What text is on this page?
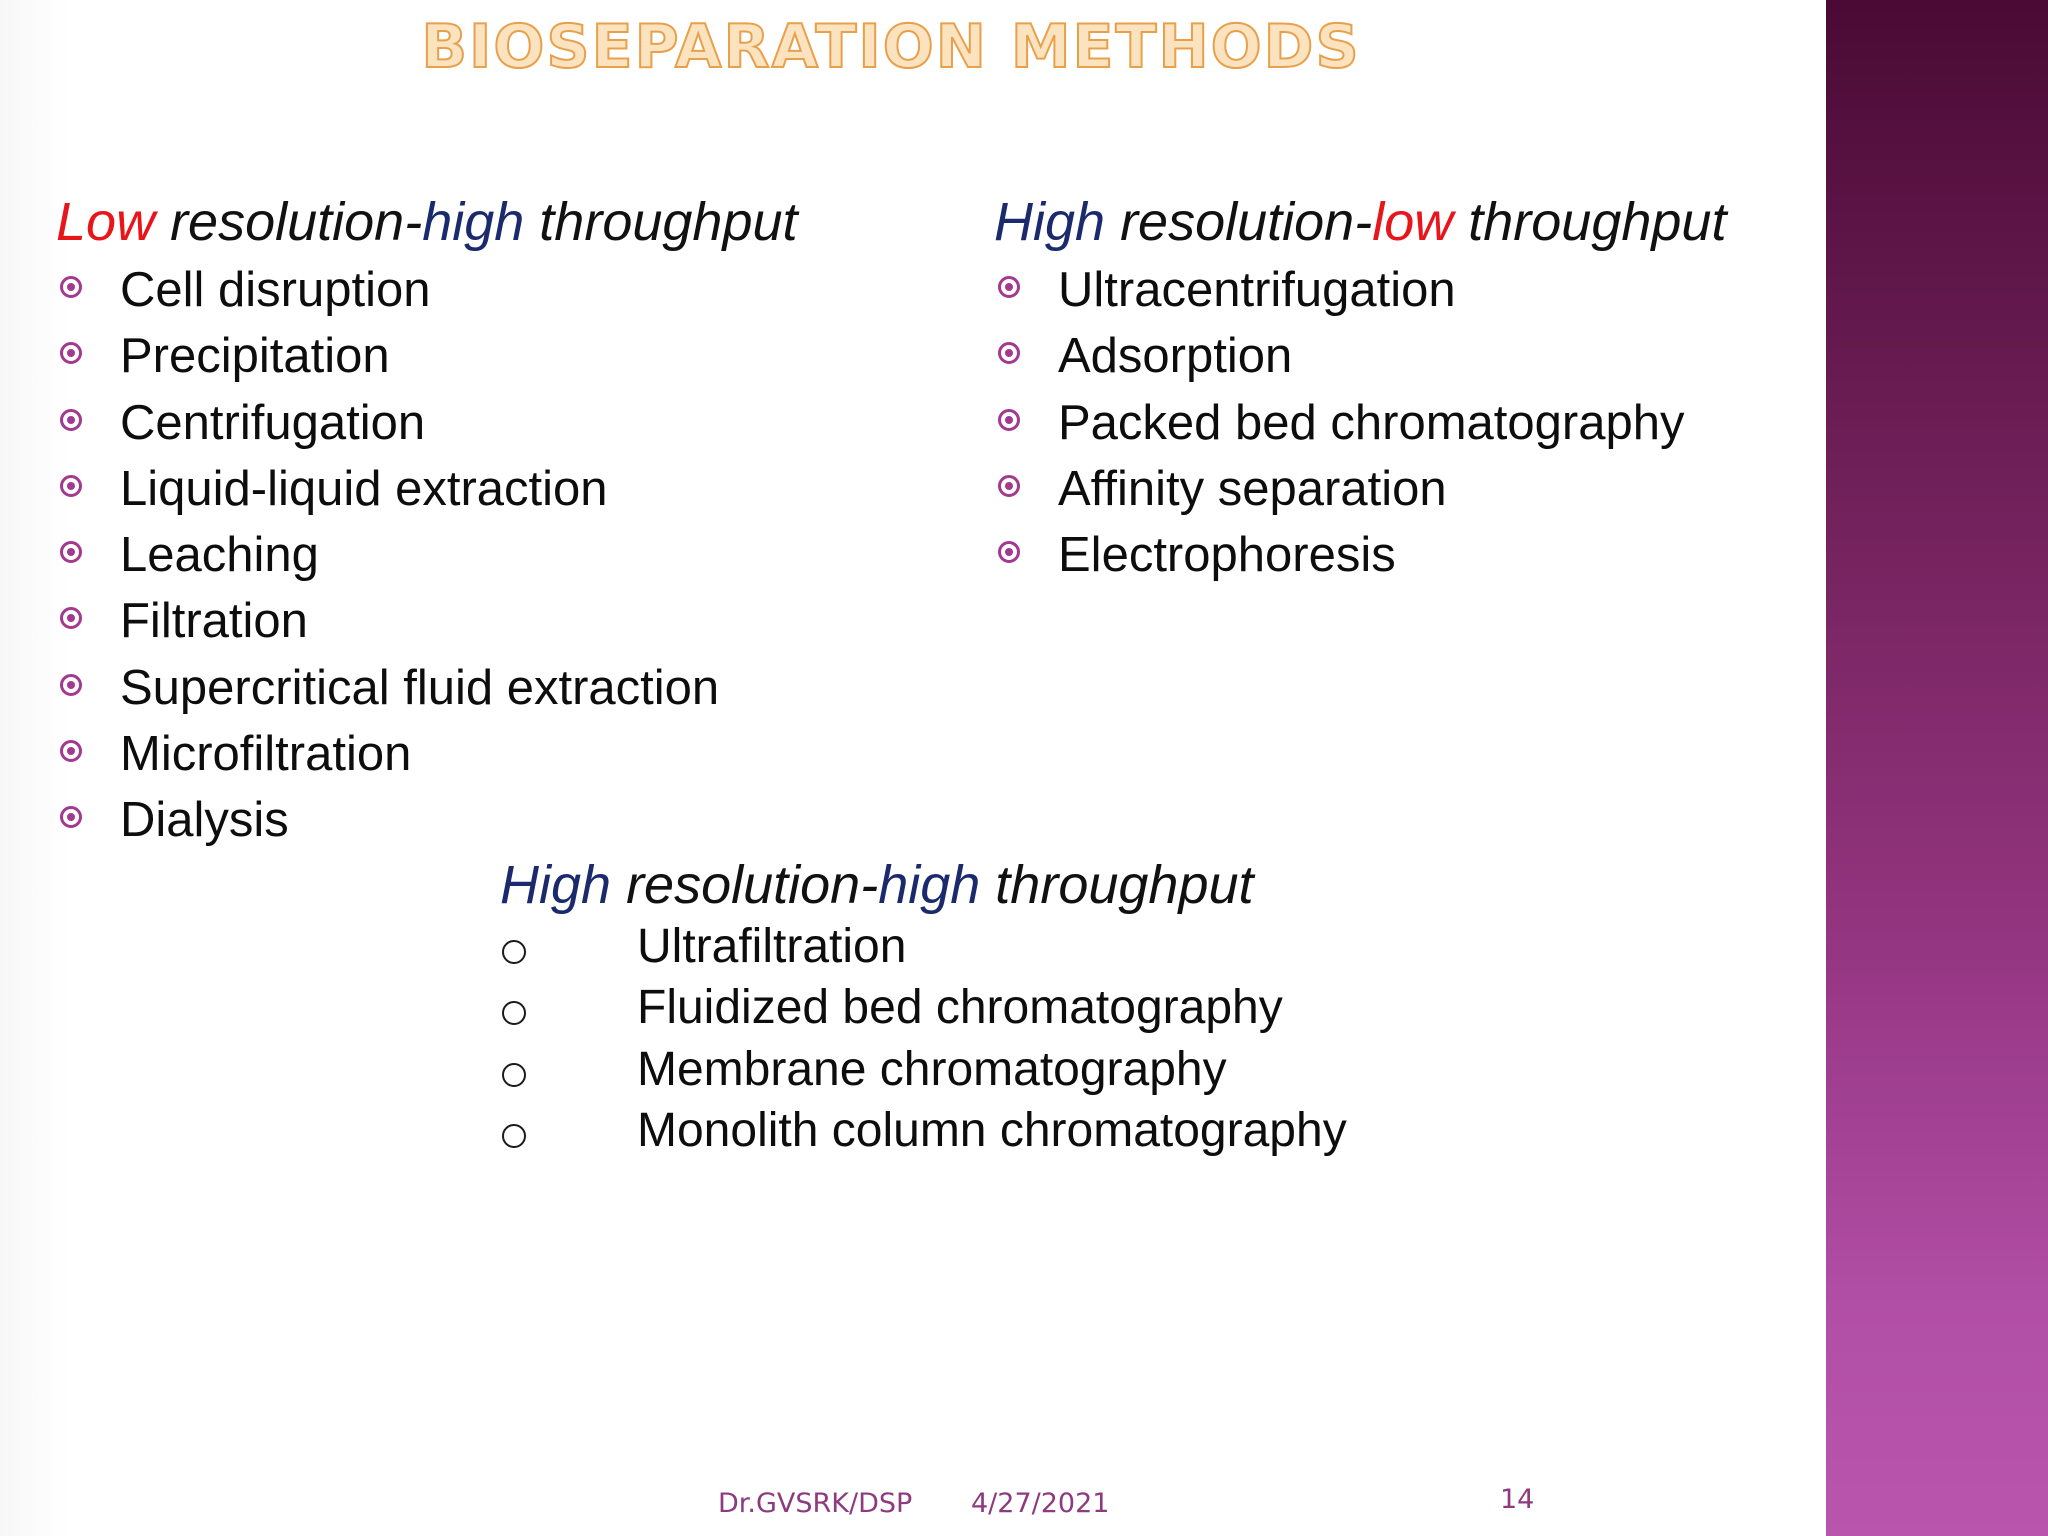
BIOSEPARATION METHODS
Low resolution-high throughput
Cell disruption
Precipitation
Centrifugation
Liquid-liquid extraction
Leaching
Filtration
Supercritical fluid extraction
Microfiltration
Dialysis
High resolution-low throughput
Ultracentrifugation
Adsorption
Packed bed chromatography
Affinity separation
Electrophoresis
High resolution-high throughput
Ultrafiltration
Fluidized bed chromatography
Membrane chromatography
Monolith column chromatography
Dr.GVSRK/DSP 4/27/2021	14
